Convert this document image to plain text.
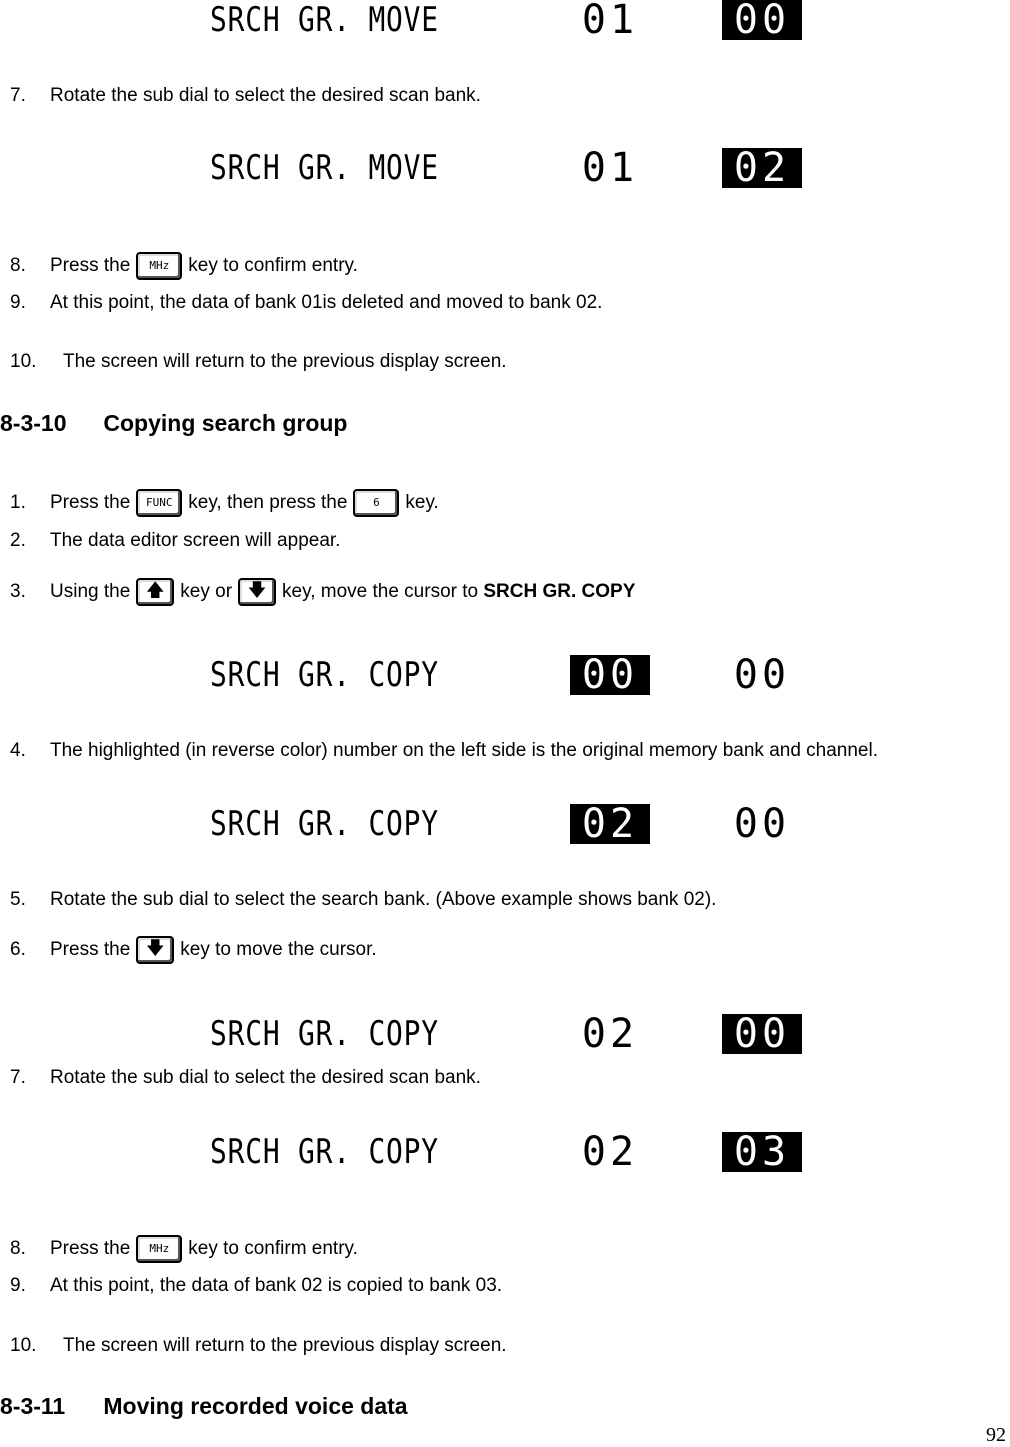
SRCH GR. MOVE	01 00
7.	Rotate the sub dial to select the desired scan bank.
SRCH GR. MOVE	01 02
8.	Press the	MHz	key to confirm entry.
9.	At this point, the data of bank 01is deleted and moved to bank 02.
10.	The screen will return to the previous display screen.
8-3-10 Copying search group
1.	Press the	FUNC key, then press the	6	key.
2.	The data editor screen will appear.
3.	Using the 🡅 key or 🡇 key, move the cursor to
SRCH GR. COPY
SRCH GR. COPY	00 00
4.	The highlighted (in reverse color) number on the left side is the original memory bank and channel.
SRCH GR. COPY	02 00
5.	Rotate the sub dial to select the search bank. (Above example shows bank 02).
6.	Press the 🡇 key to move the cursor.
SRCH GR. COPY	02 00
7.	Rotate the sub dial to select the desired scan bank.
SRCH GR. COPY	02 03
8.	Press the	MHz	key to confirm entry.
9.	At this point, the data of bank 02 is copied to bank 03.
10.	The screen will return to the previous display screen.
8-3-11 Moving recorded voice data
92
